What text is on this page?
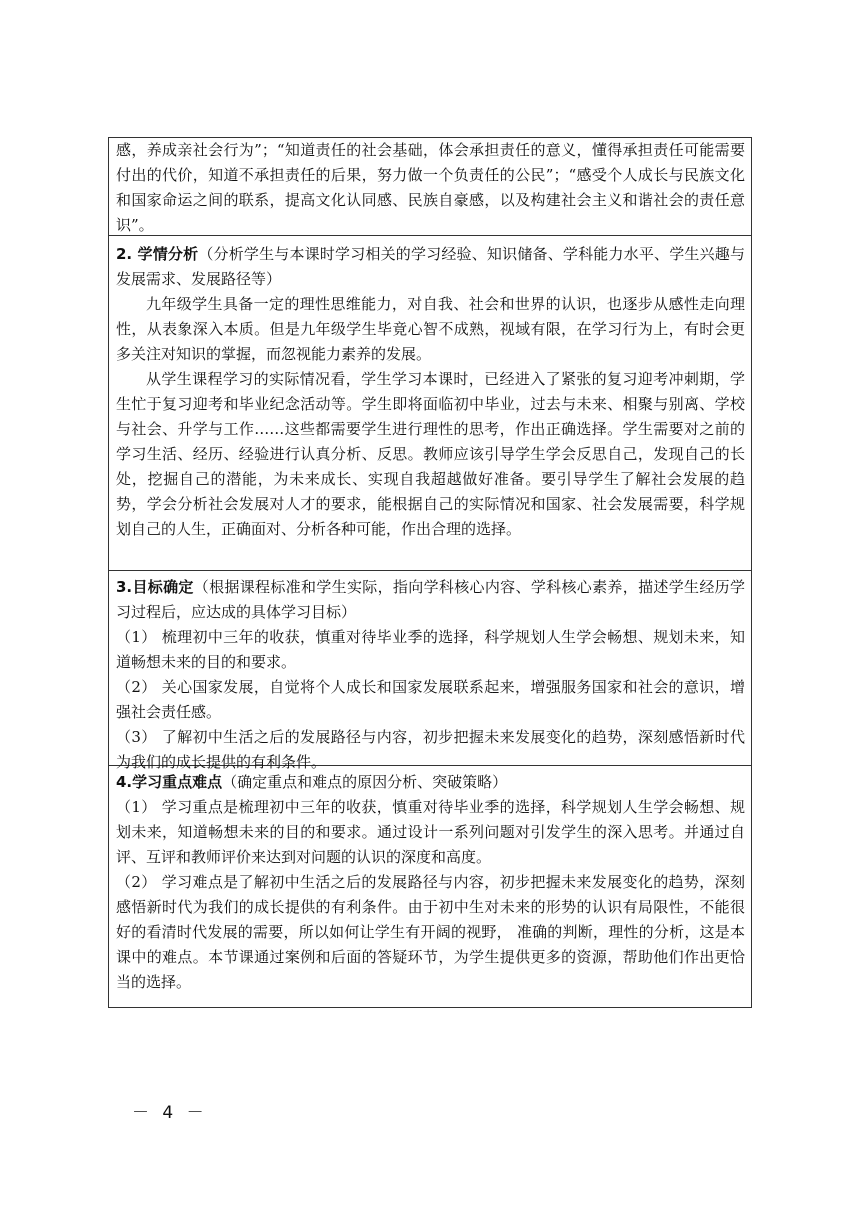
感，养成亲社会行为”；“知道责任的社会基础，体会承担责任的意义，懂得承担责任可能需要付出的代价，知道不承担责任的后果，努力做一个负责任的公民”；“感受个人成长与民族文化和国家命运之间的联系，提高文化认同感、民族自豪感，以及构建社会主义和谐社会的责任意识”。

2. 学情分析（分析学生与本课时学习相关的学习经验、知识储备、学科能力水平、学生兴趣与发展需求、发展路径等）

九年级学生具备一定的理性思维能力，对自我、社会和世界的认识，也逐步从感性走向理性，从表象深入本质。但是九年级学生毕竟心智不成熟，视域有限，在学习行为上，有时会更多关注对知识的掌握，而忽视能力素养的发展。

从学生课程学习的实际情况看，学生学习本课时，已经进入了紧张的复习迎考冲刺期，学生忙于复习迎考和毕业纪念活动等。学生即将面临初中毕业，过去与未来、相聚与别离、学校与社会、升学与工作……这些都需要学生进行理性的思考，作出正确选择。学生需要对之前的学习生活、经历、经验进行认真分析、反思。教师应该引导学生学会反思自己，发现自己的长处，挖掘自己的潜能，为未来成长、实现自我超越做好准备。要引导学生了解社会发展的趋势，学会分析社会发展对人才的要求，能根据自己的实际情况和国家、社会发展需要，科学规划自己的人生，正确面对、分析各种可能，作出合理的选择。

3.目标确定（根据课程标准和学生实际，指向学科核心内容、学科核心素养，描述学生经历学习过程后，应达成的具体学习目标）

（1） 梳理初中三年的收获，慎重对待毕业季的选择，科学规划人生学会畅想、规划未来，知道畅想未来的目的和要求。

（2） 关心国家发展，自觉将个人成长和国家发展联系起来，增强服务国家和社会的意识，增强社会责任感。

（3） 了解初中生活之后的发展路径与内容，初步把握未来发展变化的趋势，深刻感悟新时代为我们的成长提供的有利条件。

4.学习重点难点（确定重点和难点的原因分析、突破策略）

（1） 学习重点是梳理初中三年的收获，慎重对待毕业季的选择，科学规划人生学会畅想、规划未来，知道畅想未来的目的和要求。通过设计一系列问题对引发学生的深入思考。并通过自评、互评和教师评价来达到对问题的认识的深度和高度。

（2） 学习难点是了解初中生活之后的发展路径与内容，初步把握未来发展变化的趋势，深刻感悟新时代为我们的成长提供的有利条件。由于初中生对未来的形势的认识有局限性，不能很好的看清时代发展的需要，所以如何让学生有开阔的视野， 准确的判断，理性的分析，这是本课中的难点。本节课通过案例和后面的答疑环节，为学生提供更多的资源，帮助他们作出更恰当的选择。

－ 4 －
